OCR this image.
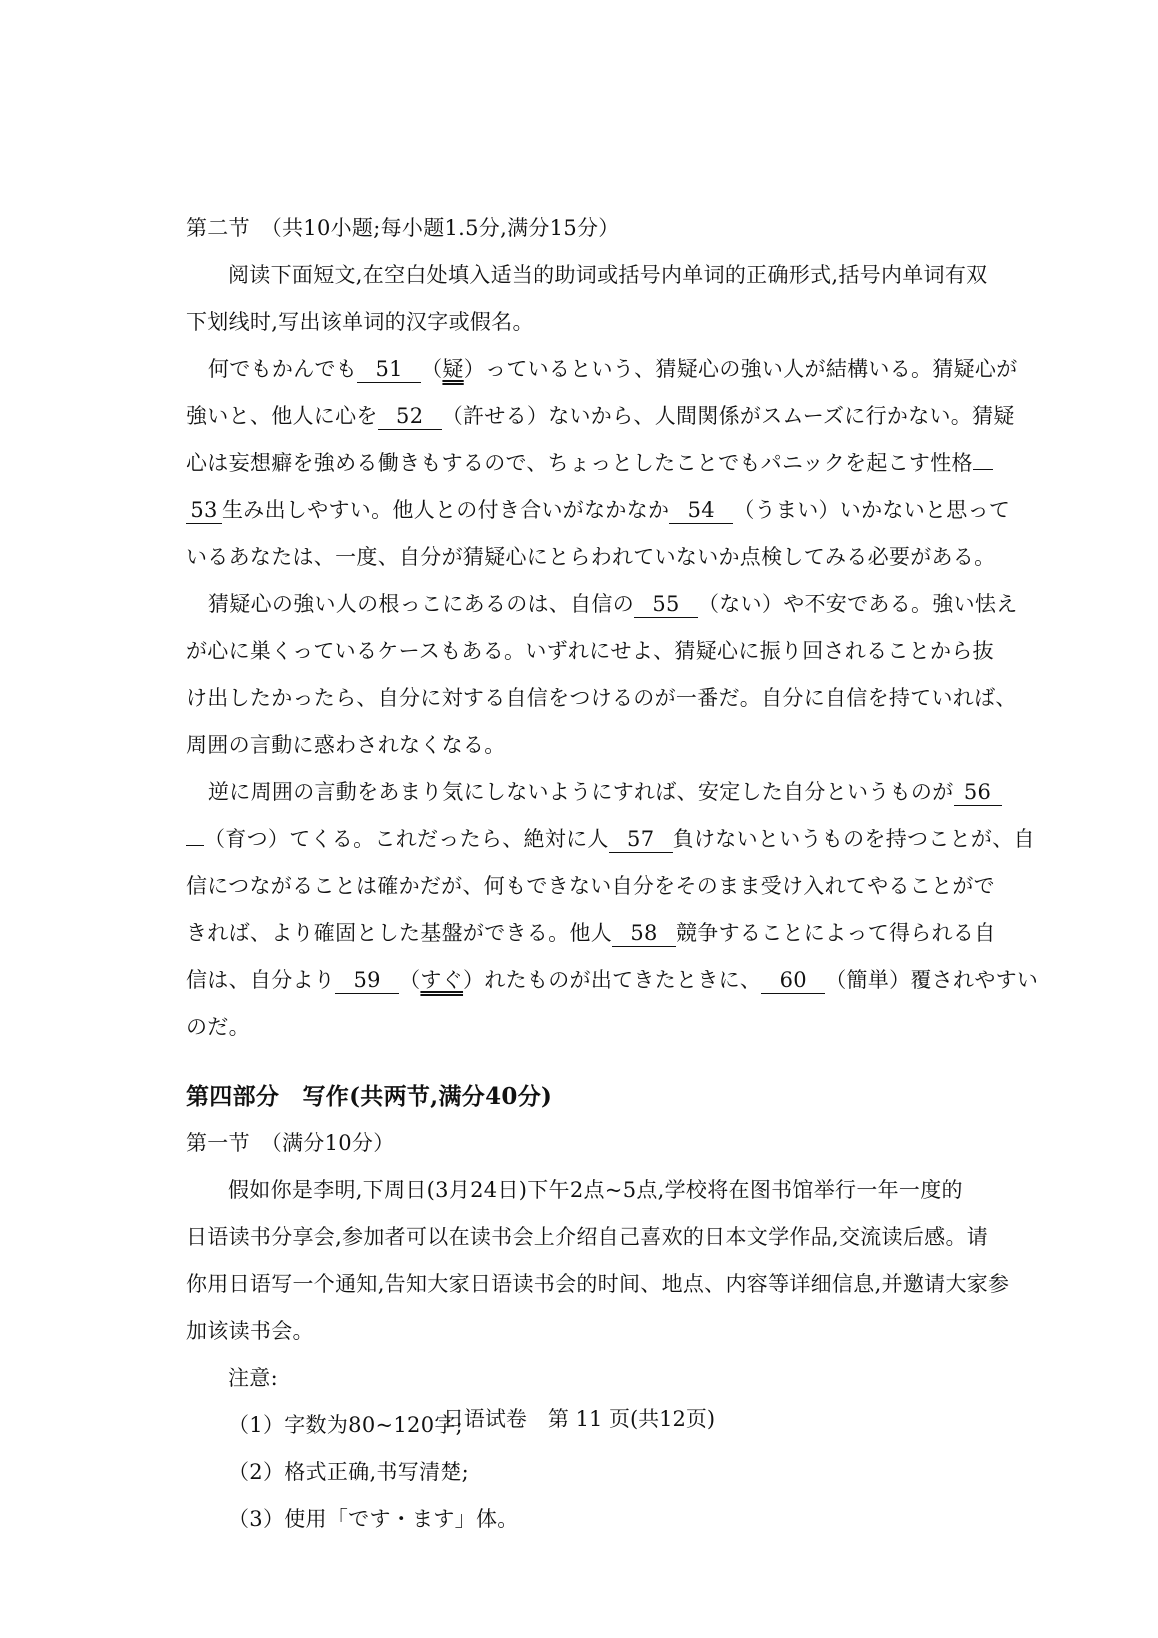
第二节　（共10小题;每小题1.5分,满分15分）
阅读下面短文,在空白处填入适当的助词或括号内单词的正确形式,括号内单词有双
下划线时,写出该单词的汉字或假名。
何でもかんでも 51 （疑）っているという、猜疑心の強い人が結構いる。猜疑心が
強いと、他人に心を 52 （許せる）ないから、人間関係がスムーズに行かない。猜疑
心は妄想癖を強める働きもするので、ちょっとしたことでもパニックを起こす性格
53 生み出しやすい。他人との付き合いがなかなか 54 （うまい）いかないと思って
いるあなたは、一度、自分が猜疑心にとらわれていないか点検してみる必要がある。
猜疑心の強い人の根っこにあるのは、自信の 55 （ない）や不安である。強い怯え
が心に巣くっているケースもある。いずれにせよ、猜疑心に振り回されることから抜
け出したかったら、自分に対する自信をつけるのが一番だ。自分に自信を持ていれば、
周囲の言動に惑わされなくなる。
逆に周囲の言動をあまり気にしないようにすれば、安定した自分というものが 56
（育つ）てくる。これだったら、絶対に人 57 負けないというものを持つことが、自
信につながることは確かだが、何もできない自分をそのまま受け入れてやることがで
きれば、より確固とした基盤ができる。他人 58 競争することによって得られる自
信は、自分より 59 （すぐ）れたものが出てきたときに、 60 （簡単）覆されやすい
のだ。
第四部分　写作(共两节,满分40分)
第一节　（满分10分）
假如你是李明,下周日(3月24日)下午2点~5点,学校将在图书馆举行一年一度的
日语读书分享会,参加者可以在读书会上介绍自己喜欢的日本文学作品,交流读后感。请
你用日语写一个通知,告知大家日语读书会的时间、地点、内容等详细信息,并邀请大家参
加该读书会。
注意:
（1）字数为80~120字;
（2）格式正确,书写清楚;
（3）使用「です・ます」体。
日语试卷　第 11 页(共12页)
